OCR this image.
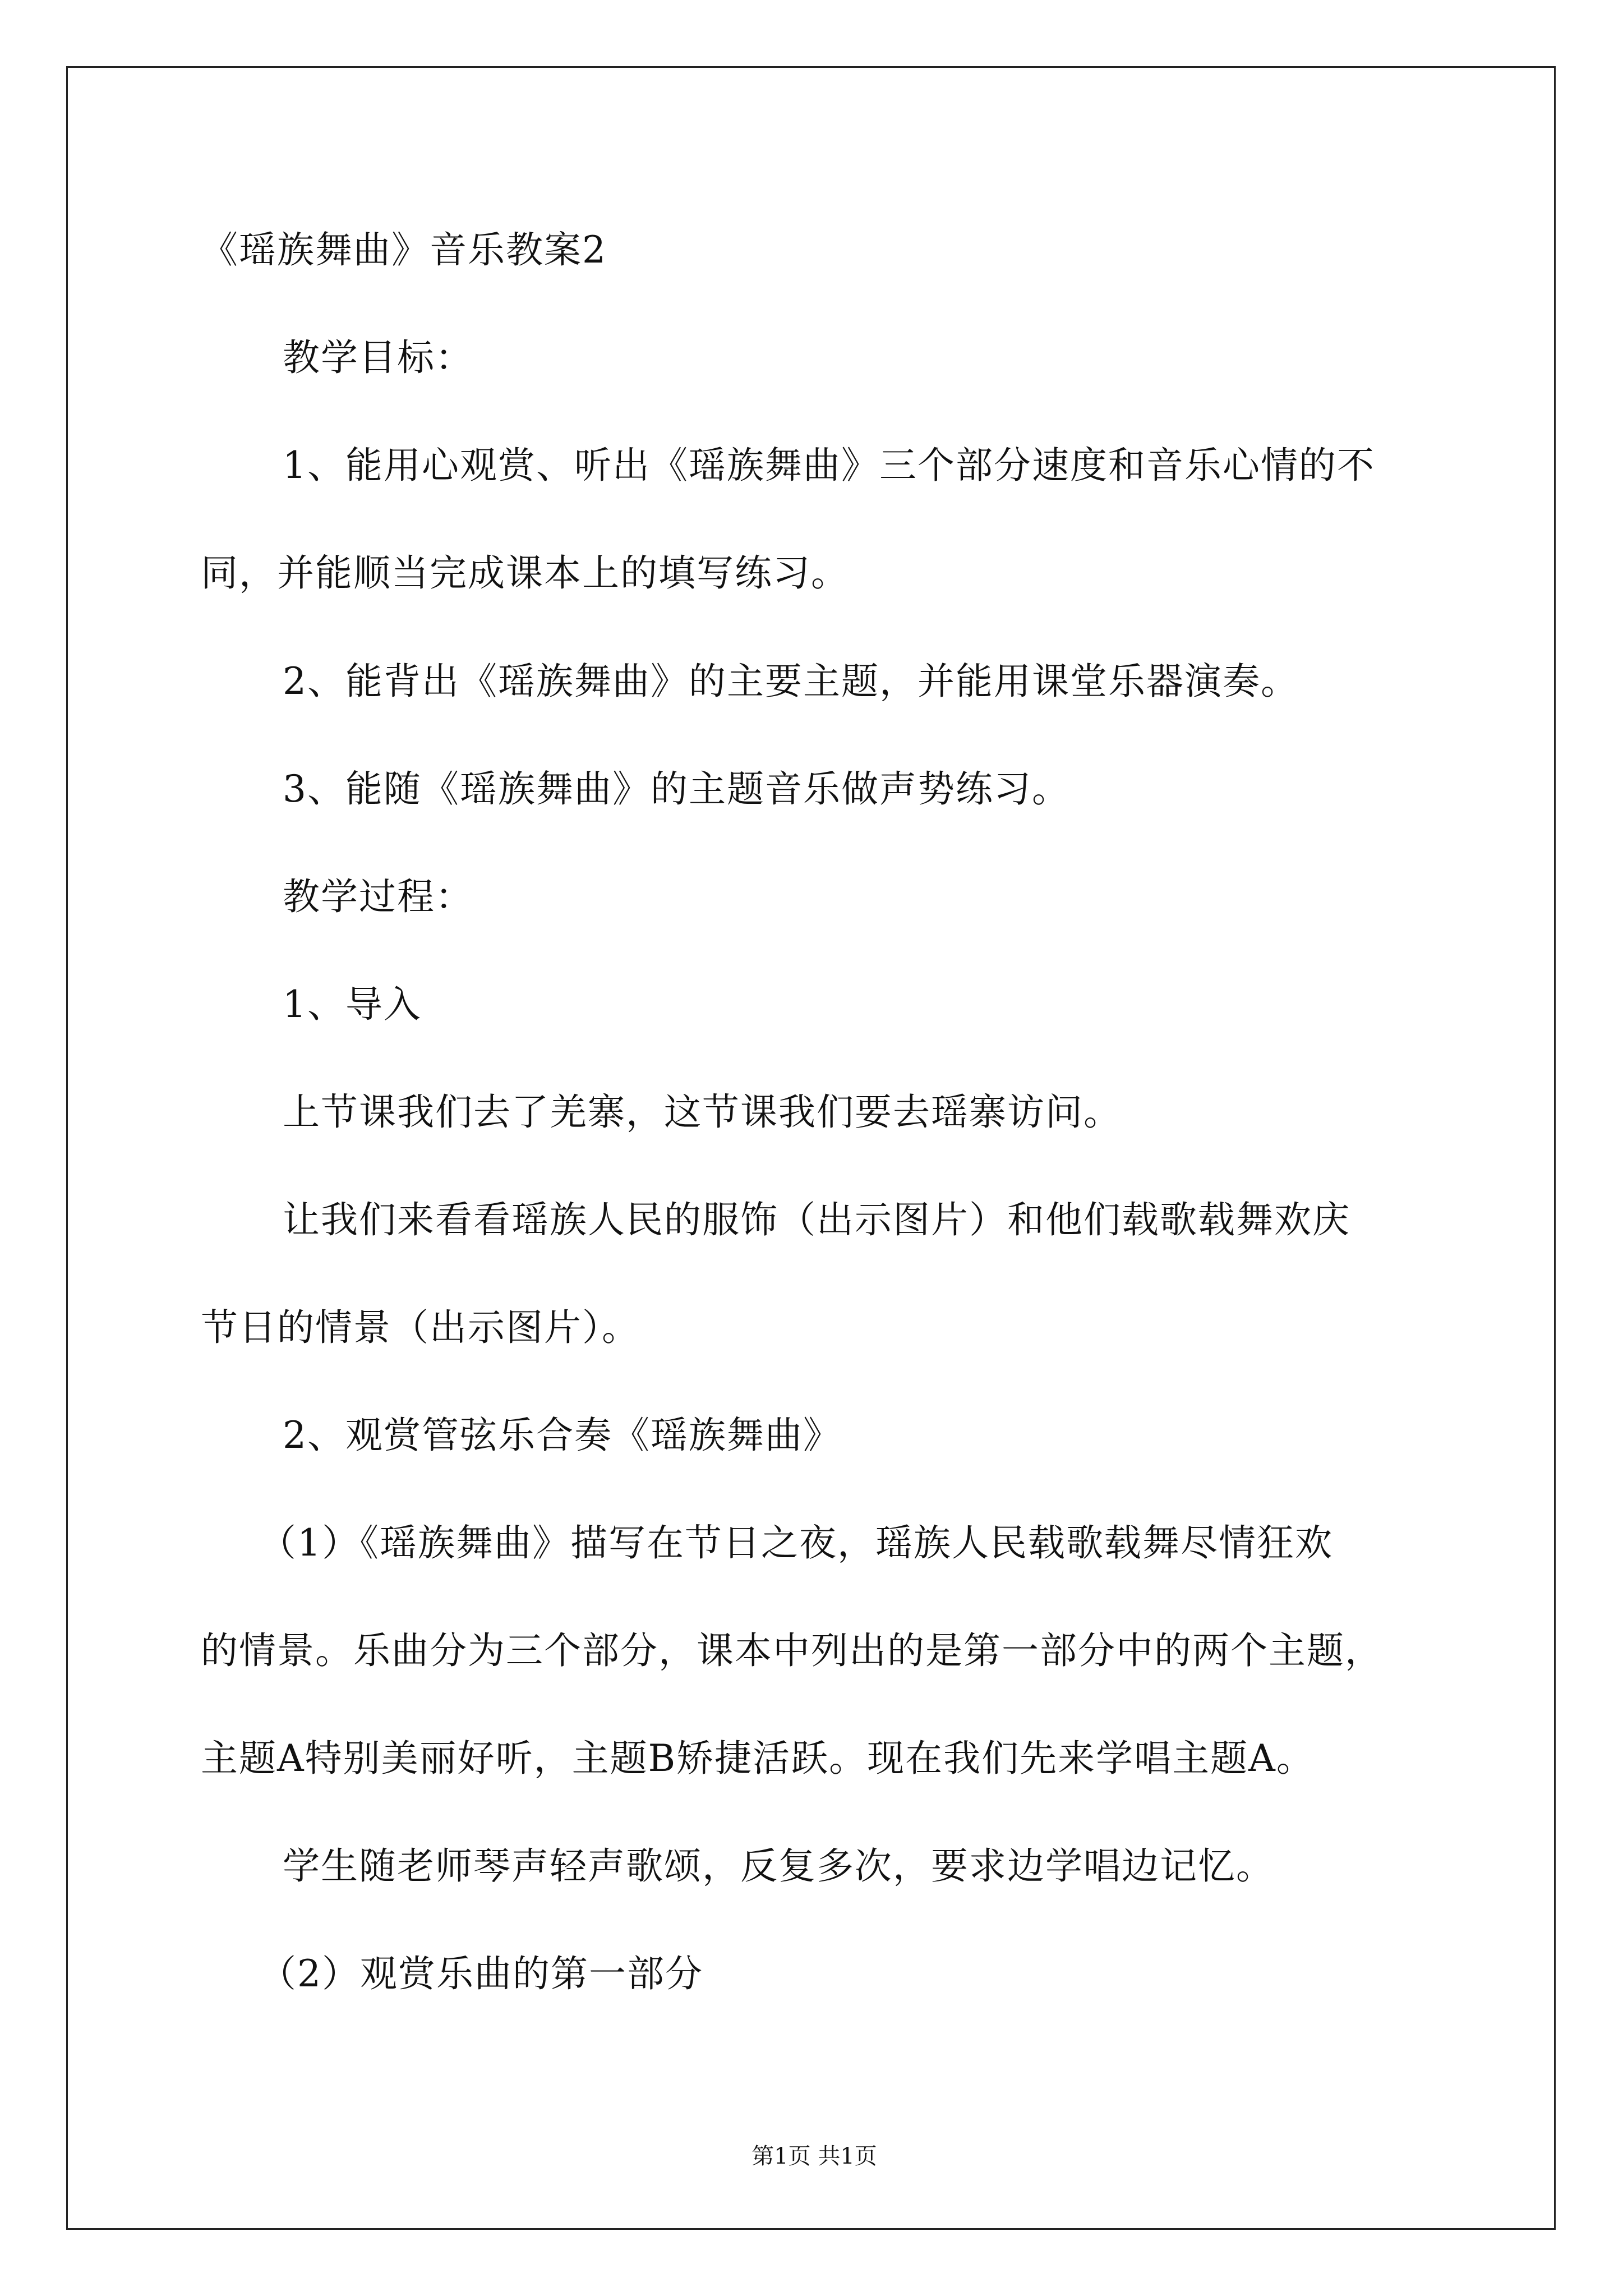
《瑶族舞曲》音乐教案2
教学目标：
1、能用心观赏、听出《瑶族舞曲》三个部分速度和音乐心情的不
同，并能顺当完成课本上的填写练习。
2、能背出《瑶族舞曲》的主要主题，并能用课堂乐器演奏。
3、能随《瑶族舞曲》的主题音乐做声势练习。
教学过程：
1、导入
上节课我们去了羌寨，这节课我们要去瑶寨访问。
让我们来看看瑶族人民的服饰（出示图片）和他们载歌载舞欢庆
节日的情景（出示图片）。
2、观赏管弦乐合奏《瑶族舞曲》
（1）《瑶族舞曲》描写在节日之夜，瑶族人民载歌载舞尽情狂欢
的情景。乐曲分为三个部分，课本中列出的是第一部分中的两个主题，
主题A特别美丽好听，主题B矫捷活跃。现在我们先来学唱主题A。
学生随老师琴声轻声歌颂，反复多次，要求边学唱边记忆。
（2）观赏乐曲的第一部分
第1页 共1页
